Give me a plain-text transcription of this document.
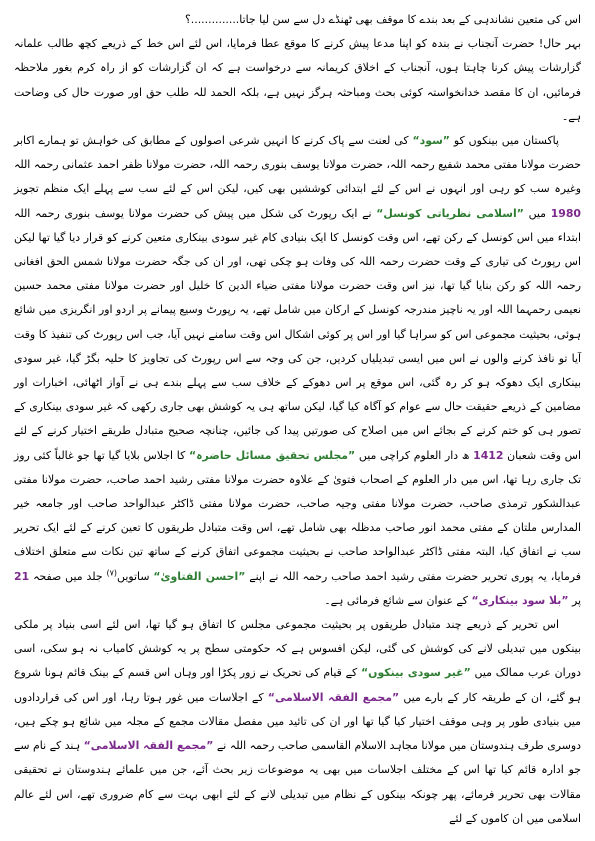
اس کی متعین نشاندہی کے بعد بندے کا موقف بھی ٹھنڈے دل سے سن لیا جاتا..............؟

بہر حال! حضرت آنجناب نے بندہ کو اپنا مدعا پیش کرنے کا موقع عطا فرمایا، اس لئے اس خط کے ذریعے کچھ طالب علمانہ گزارشات پیش کرنا چاہتا ہوں، آنجناب کے اخلاق کریمانہ سے درخواست ہے کہ ان گزارشات کو از راہ کرم بغور ملاحظہ فرمائیں، ان کا مقصد خدانخواستہ کوئی بحث ومباحثہ ہرگز نہیں ہے، بلکہ الحمد للہ طلب حق اور صورت حال کی وضاحت ہے۔

پاکستان میں بینکوں کو ”سود“ کی لعنت سے پاک کرنے کا انہیں شرعی اصولوں کے مطابق کی خواہش تو ہمارے اکابر حضرت مولانا مفتی محمد شفیع رحمہ اللہ، حضرت مولانا یوسف بنوری رحمہ اللہ، حضرت مولانا ظفر احمد عثمانی رحمہ اللہ وغیرہ سب کو رہی اور انہوں نے اس کے لئے ابتدائی کوششیں بھی کیں، لیکن اس کے لئے سب سے پہلے ایک منظم تجویز 1980 میں ”اسلامی نظریاتی کونسل“ نے ایک رپورٹ کی شکل میں پیش کی حضرت مولانا یوسف بنوری رحمہ اللہ ابتداء میں اس کونسل کے رکن تھے، اس وقت کونسل کا ایک بنیادی کام غیر سودی بینکاری متعین کرنے کو قرار دیا گیا تھا لیکن اس رپورٹ کی تیاری کے وقت حضرت رحمہ اللہ کی وفات ہو چکی تھی، اور ان کی جگہ حضرت مولانا شمس الحق افغانی رحمہ اللہ کو رکن بنایا گیا تھا، نیز اس وقت حضرت مولانا مفتی ضیاء الدین کا خلیل اور حضرت مولانا مفتی محمد حسین نعیمی رحمہما اللہ اور یہ ناچیز مندرجہ کونسل کے ارکان میں شامل تھے، یہ رپورٹ وسیع پیمانے پر اردو اور انگریزی میں شائع ہوئی، بحیثیت مجموعی اس کو سراہا گیا اور اس پر کوئی اشکال اس وقت سامنے نہیں آیا، جب اس رپورٹ کی تنفیذ کا وقت آیا تو نافذ کرنے والوں نے اس میں ایسی تبدیلیاں کردیں، جن کی وجہ سے اس رپورٹ کی تجاویز کا حلیہ بگڑ گیا، غیر سودی بینکاری ایک دھوکہ ہو کر رہ گئی، اس موقع پر اس دھوکے کے خلاف سب سے پہلے بندے ہی نے آواز اٹھائی، اخبارات اور مضامین کے ذریعے حقیقت حال سے عوام کو آگاہ کیا گیا، لیکن ساتھ ہی یہ کوشش بھی جاری رکھی کہ غیر سودی بینکاری کے تصور ہی کو ختم کرنے کے بجائے اس میں اصلاح کی صورتیں پیدا کی جائیں، چنانچہ صحیح متبادل طریقے اختیار کرنے کے لئے اس وقت شعبان 1412 ھ دار العلوم کراچی میں ”مجلس تحقیق مسائل حاضرہ“ کا اجلاس بلایا گیا تھا جو غالباً کئی روز تک جاری رہا تھا، اس میں دار العلوم کے اصحاب فتویٰ کے علاوہ حضرت مولانا مفتی رشید احمد صاحب، حضرت مولانا مفتی عبدالشکور ترمذی صاحب، حضرت مولانا مفتی وجیہ صاحب، حضرت مولانا مفتی ڈاکٹر عبدالواحد صاحب اور جامعہ خیر المدارس ملتان کے مفتی محمد انور صاحب مدظلہ بھی شامل تھے، اس وقت متبادل طریقوں کا تعین کرنے کے لئے ایک تحریر سب نے اتفاق کیا، البتہ مفتی ڈاکٹر عبدالواحد صاحب نے بحیثیت مجموعی اتفاق کرنے کے ساتھ تین نکات سے متعلق اختلاف فرمایا، یہ پوری تحریر حضرت مفتی رشید احمد صاحب رحمہ اللہ نے اپنے ”احسن الفتاویٰ“ ساتویں$^{(۷)}$ جلد میں صفحہ 21 پر ”بلا سود بینکاری“ کے عنوان سے شائع فرمائی ہے۔

اس تحریر کے ذریعے چند متبادل طریقوں پر بحیثیت مجموعی مجلس کا اتفاق ہو گیا تھا، اس لئے اسی بنیاد پر ملکی بینکوں میں تبدیلی لانے کی کوشش کی گئی، لیکن افسوس ہے کہ حکومتی سطح پر یہ کوشش کامیاب نہ ہو سکی، اسی دوران عرب ممالک میں ”غیر سودی بینکوں“ کے قیام کی تحریک نے زور پکڑا اور وہاں اس قسم کے بینک قائم ہونا شروع ہو گئے، ان کے طریقہ کار کے بارے میں ”مجمع الفقہ الاسلامی“ کے اجلاسات میں غور ہوتا رہا، اور اس کی قراردادوں میں بنیادی طور پر وہی موقف اختیار کیا گیا تھا اور ان کی تائید میں مفصل مقالات مجمع کے مجلہ میں شائع ہو چکے ہیں، دوسری طرف ہندوستان میں مولانا مجاہد الاسلام القاسمی صاحب رحمہ اللہ نے ”مجمع الفقہ الاسلامی“ ہند کے نام سے جو ادارہ قائم کیا تھا اس کے مختلف اجلاسات میں بھی یہ موضوعات زیر بحث آئے، جن میں علمائے ہندوستان نے تحقیقی مقالات بھی تحریر فرمائے، پھر چونکہ بینکوں کے نظام میں تبدیلی لانے کے لئے ابھی بہت سے کام ضروری تھے، اس لئے عالم اسلامی میں ان کاموں کے لئے
